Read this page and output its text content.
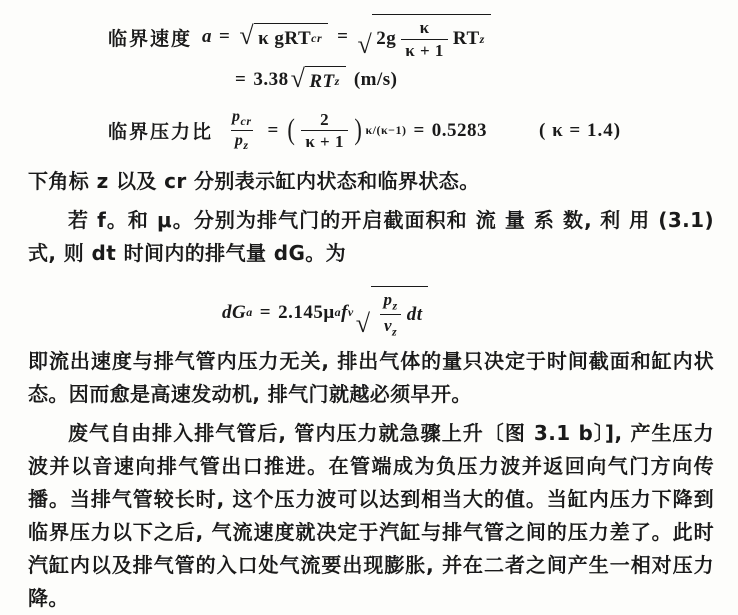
临界速度 a = √ κ gRT cr = √ $2g \frac{\kappa}{\kappa + 1}$ RT z
= 3.38 √ RT z (m/s)
临界压力比 $\frac{p_{cr}}{p_z}$ = ( $\frac{2}{\kappa + 1}$ ) κ/(κ−1) = 0.5283	( κ = 1.4)

下角标 z 以及 cr 分别表示缸内状态和临界状态。

若 f。和 μ。分别为排气门的开启截面积和 流 量 系 数, 利 用 (3.1) 式, 则 dt 时间内的排气量 dG。为

dG a = 2.145μ a f v √ $\frac{p_z}{v_z}$ dt

即流出速度与排气管内压力无关, 排出气体的量只决定于时间截面和缸内状态。因而愈是高速发动机, 排气门就越必须早开。

废气自由排入排气管后, 管内压力就急骤上升〔图 3.1 b〕], 产生压力波并以音速向排气管出口推进。在管端成为负压力波并返回向气门方向传播。当排气管较长时, 这个压力波可以达到相当大的值。当缸内压力下降到临界压力以下之后, 气流速度就决定于汽缸与排气管之间的压力差了。此时汽缸内以及排气管的入口处气流要出现膨胀, 并在二者之间产生一相对压力降。
